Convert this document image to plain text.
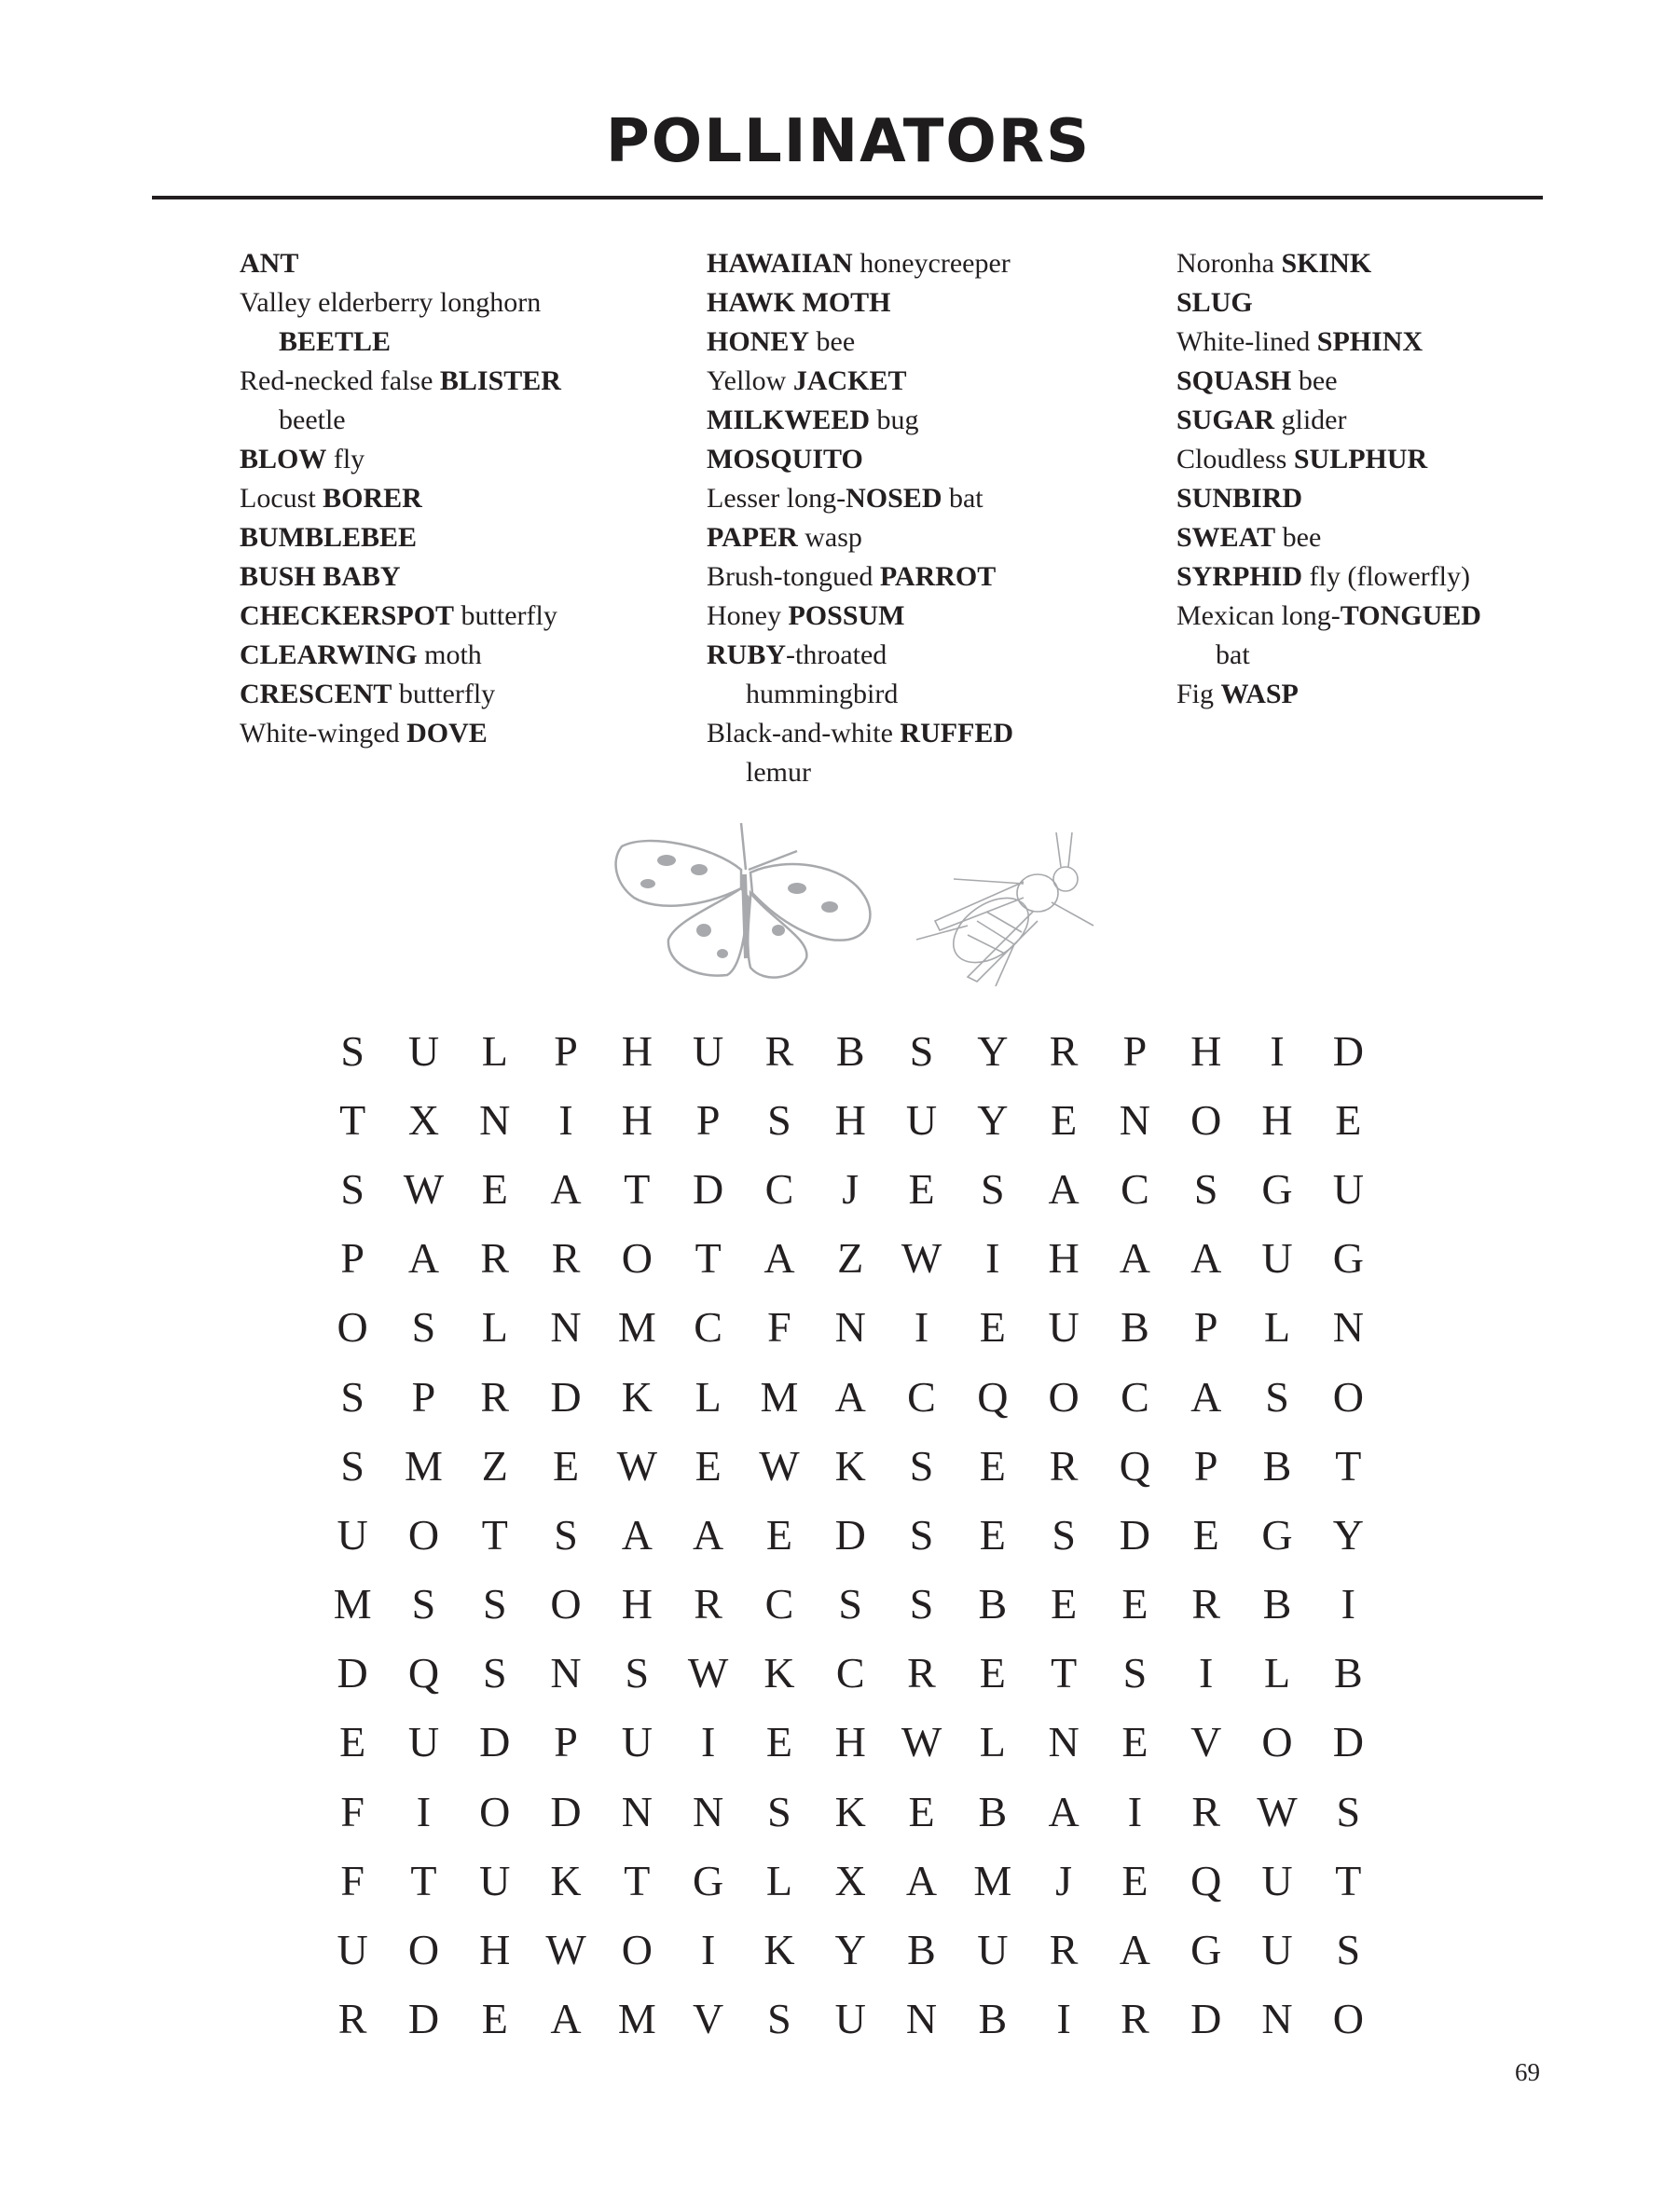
POLLINATORS
ANT
Valley elderberry longhorn
BEETLE
Red-necked false BLISTER
beetle
BLOW fly
Locust BORER
BUMBLEBEE
BUSH BABY
CHECKERSPOT butterfly
CLEARWING moth
CRESCENT butterfly
White-winged DOVE
HAWAIIAN honeycreeper
HAWK MOTH
HONEY bee
Yellow JACKET
MILKWEED bug
MOSQUITO
Lesser long-NOSED bat
PAPER wasp
Brush-tongued PARROT
Honey POSSUM
RUBY-throated
hummingbird
Black-and-white RUFFED
lemur
Noronha SKINK
SLUG
White-lined SPHINX
SQUASH bee
SUGAR glider
Cloudless SULPHUR
SUNBIRD
SWEAT bee
SYRPHID fly (flowerfly)
Mexican long-TONGUED
bat
Fig WASP
S	U L	P	H U R B	S	Y R	P	H	I	D
T X N	I	H	P	S	H U Y E N O H E
S W E A T D C	J	E	S	A C	S	G U
P	A R R O T A Z W	I	H A A U G
O	S	L N M C	F	N	I	E U B	P	L N
S	P	R D K L M A C Q O C A	S	O
S M Z	E W E W K	S	E	R Q	P	B	T
U O T	S	A A E D	S	E	S	D E G Y
M S	S	O H R C	S	S	B	E	E	R B	I
D Q	S	N	S W K C R	E	T	S	I	L	B
E U D	P	U	I	E H W L N E V O D
F	I	O D N N	S	K E	B A	I	R W S
F	T U K T G L X A M	J	E Q U T
U O H W O	I	K Y B U R A G U	S
R D E A M V	S	U N B	I	R D N O
69
